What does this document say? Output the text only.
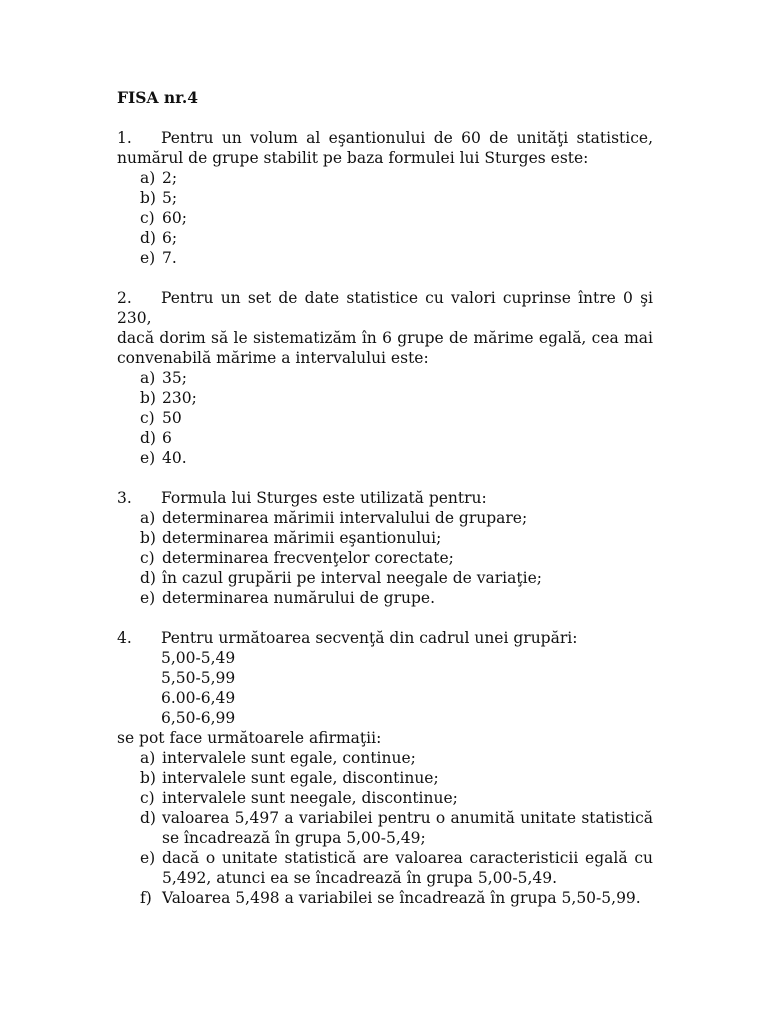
FISA nr.4
1.	Pentru un volum al eşantionului de 60 de unităţi statistice,
numărul de grupe stabilit pe baza formulei lui Sturges este:
a) 2;
b) 5;
c) 60;
d) 6;
e) 7.
2.	Pentru un set de date statistice cu valori cuprinse între 0 şi 230,
dacă dorim să le sistematizăm în 6 grupe de mărime egală, cea mai convenabilă mărime a intervalului este:
a) 35;
b) 230;
c) 50
d) 6
e) 40.
3.	Formula lui Sturges este utilizată pentru:
a) determinarea mărimii intervalului de grupare;
b) determinarea mărimii eşantionului;
c) determinarea frecvenţelor corectate;
d) în cazul grupării pe interval neegale de variaţie;
e) determinarea numărului de grupe.
4.	Pentru următoarea secvenţă din cadrul unei grupări:
5,00-5,49
5,50-5,99
6.00-6,49
6,50-6,99
se pot face următoarele afirmaţii:
a) intervalele sunt egale, continue;
b) intervalele sunt egale, discontinue;
c) intervalele sunt neegale, discontinue;
d) valoarea 5,497 a variabilei pentru o anumită unitate statistică se încadrează în grupa 5,00-5,49;
e) dacă o unitate statistică are valoarea caracteristicii egală cu 5,492, atunci ea se încadrează în grupa 5,00-5,49.
f) Valoarea 5,498 a variabilei se încadrează în grupa 5,50-5,99.
